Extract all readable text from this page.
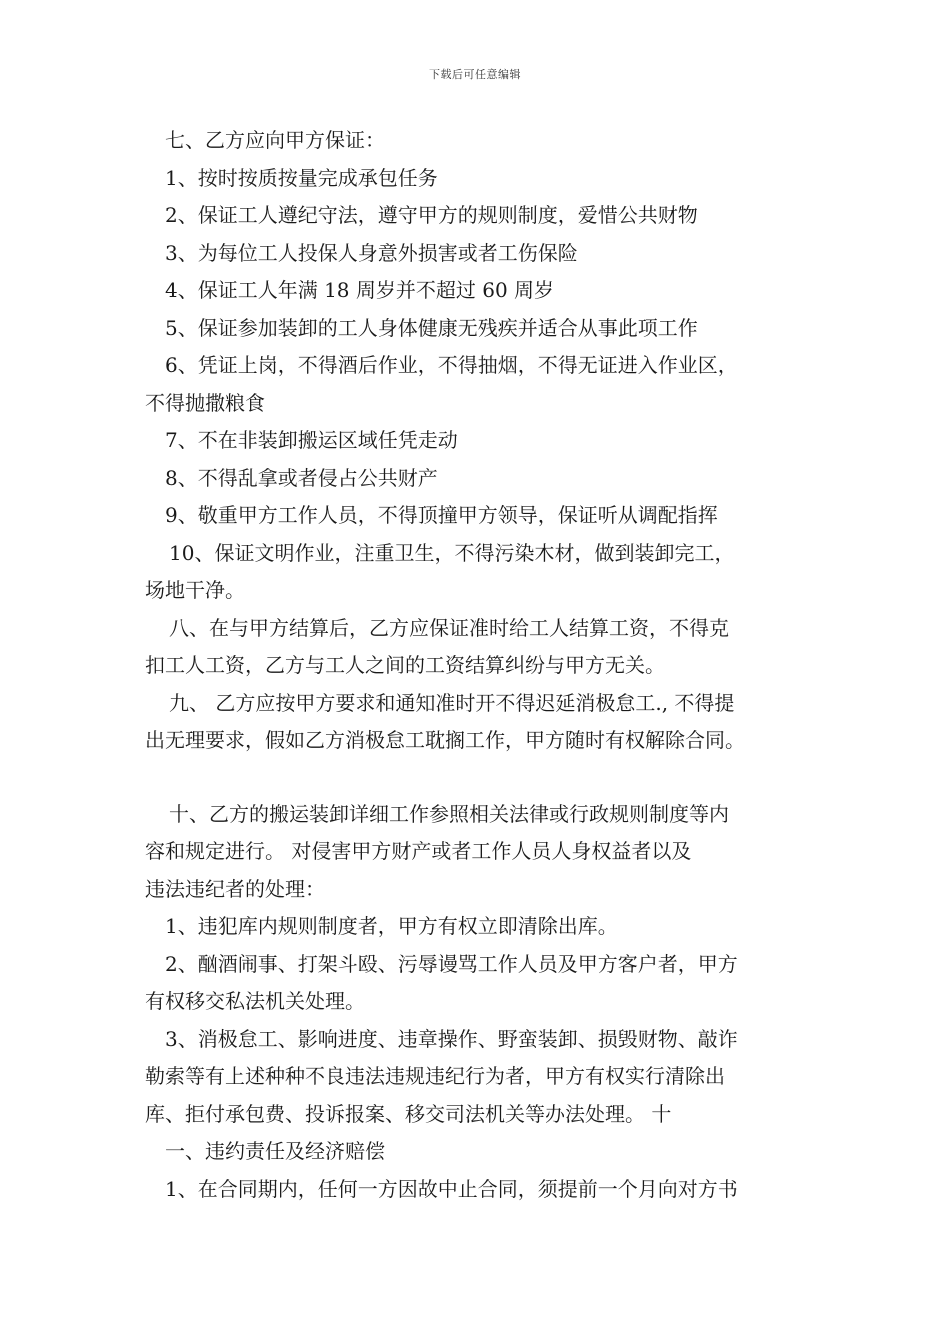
下载后可任意编辑
七、乙方应向甲方保证：
1、按时按质按量完成承包任务
2、保证工人遵纪守法，遵守甲方的规则制度，爱惜公共财物
3、为每位工人投保人身意外损害或者工伤保险
4、保证工人年满 18 周岁并不超过 60 周岁
5、保证参加装卸的工人身体健康无残疾并适合从事此项工作
6、凭证上岗，不得酒后作业，不得抽烟，不得无证进入作业区，
不得抛撒粮食
7、不在非装卸搬运区域任凭走动
8、不得乱拿或者侵占公共财产
9、敬重甲方工作人员，不得顶撞甲方领导，保证听从调配指挥
10、保证文明作业，注重卫生，不得污染木材，做到装卸完工，
场地干净。
八、在与甲方结算后，乙方应保证准时给工人结算工资，不得克
扣工人工资，乙方与工人之间的工资结算纠纷与甲方无关。
九、 乙方应按甲方要求和通知准时开不得迟延消极怠工., 不得提
出无理要求，假如乙方消极怠工耽搁工作，甲方随时有权解除合同。
十、乙方的搬运装卸详细工作参照相关法律或行政规则制度等内
容和规定进行。 对侵害甲方财产或者工作人员人身权益者以及
违法违纪者的处理：
1、违犯库内规则制度者，甲方有权立即清除出库。
2、酗酒闹事、打架斗殴、污辱谩骂工作人员及甲方客户者，甲方
有权移交私法机关处理。
3、消极怠工、影响进度、违章操作、野蛮装卸、损毁财物、敲诈
勒索等有上述种种不良违法违规违纪行为者，甲方有权实行清除出
库、拒付承包费、投诉报案、移交司法机关等办法处理。 十
一、违约责任及经济赔偿
1、在合同期内，任何一方因故中止合同，须提前一个月向对方书
